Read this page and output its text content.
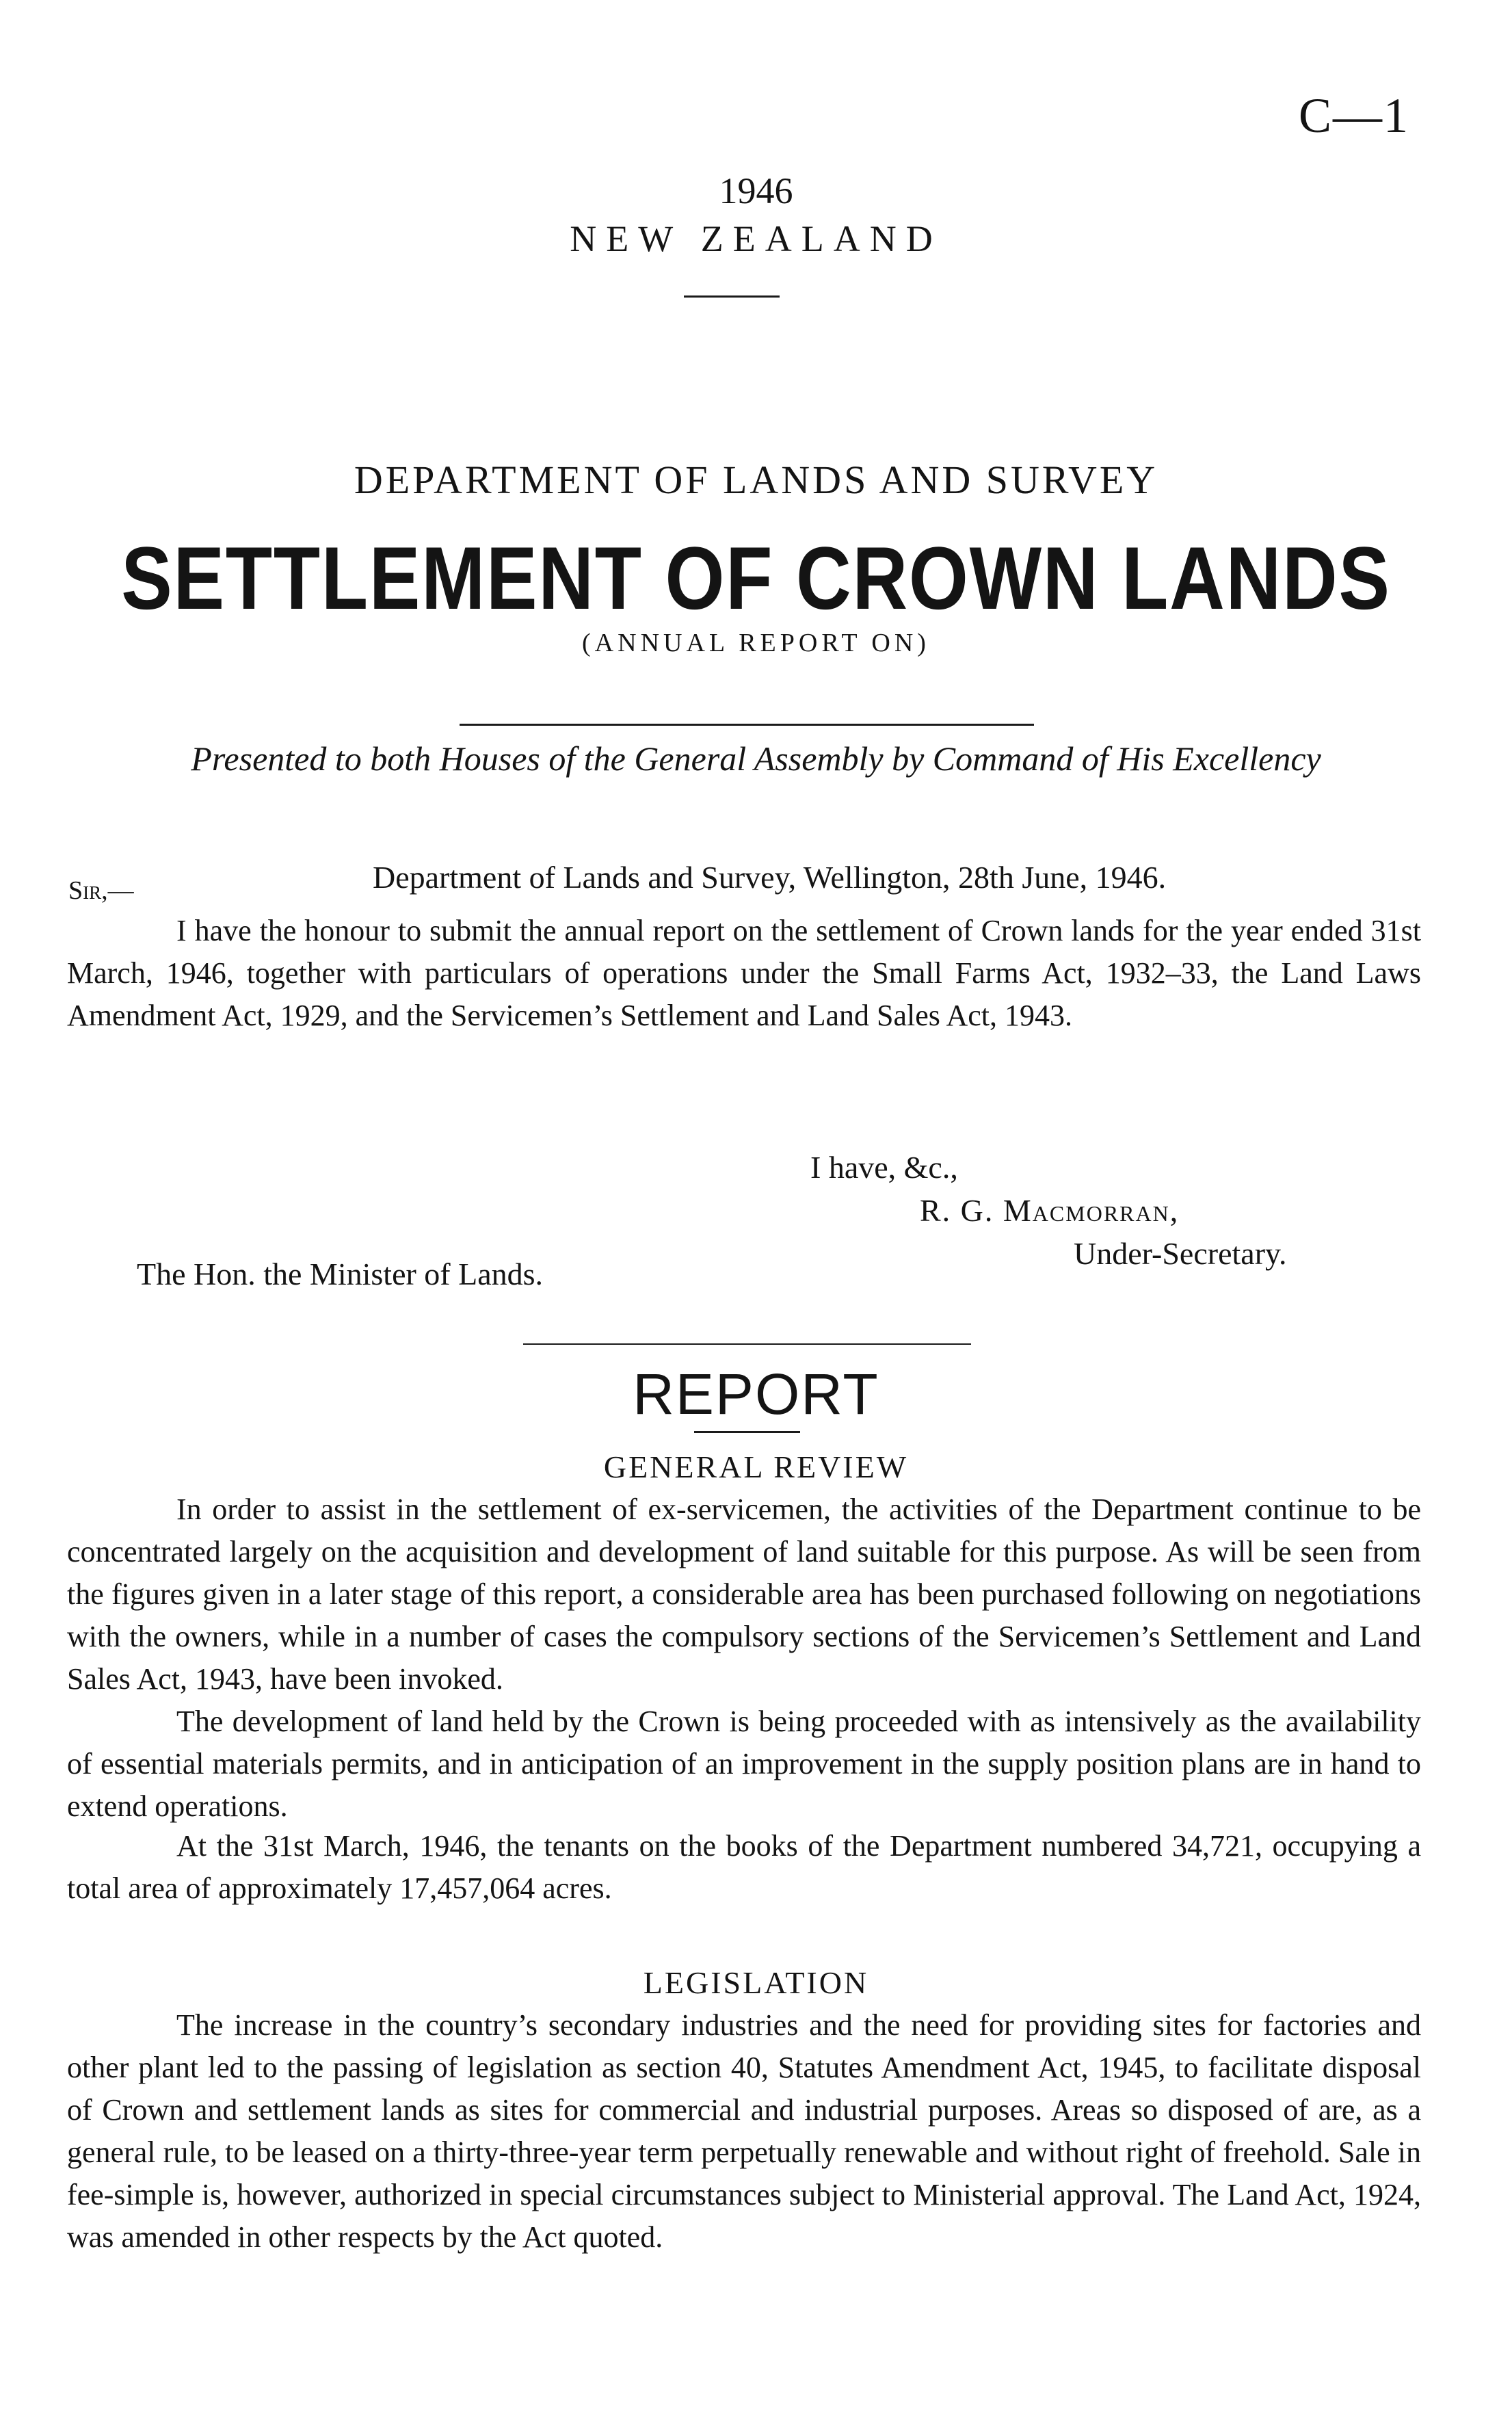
C—1
1946
NEW ZEALAND
DEPARTMENT OF LANDS AND SURVEY
SETTLEMENT OF CROWN LANDS
(ANNUAL REPORT ON)
Presented to both Houses of the General Assembly by Command of His Excellency
Department of Lands and Survey, Wellington, 28th June, 1946.
Sir,—

I have the honour to submit the annual report on the settlement of Crown lands for the year ended 31st March, 1946, together with particulars of operations under the Small Farms Act, 1932–33, the Land Laws Amendment Act, 1929, and the Servicemen’s Settlement and Land Sales Act, 1943.

I have, &c.,
R. G. Macmorran,
Under-Secretary.
The Hon. the Minister of Lands.
REPORT
GENERAL REVIEW

In order to assist in the settlement of ex-servicemen, the activities of the Department continue to be concentrated largely on the acquisition and development of land suitable for this purpose. As will be seen from the figures given in a later stage of this report, a considerable area has been purchased following on negotiations with the owners, while in a number of cases the compulsory sections of the Servicemen’s Settlement and Land Sales Act, 1943, have been invoked.

The development of land held by the Crown is being proceeded with as intensively as the availability of essential materials permits, and in anticipation of an improvement in the supply position plans are in hand to extend operations.

At the 31st March, 1946, the tenants on the books of the Department numbered 34,721, occupying a total area of approximately 17,457,064 acres.

LEGISLATION

The increase in the country’s secondary industries and the need for providing sites for factories and other plant led to the passing of legislation as section 40, Statutes Amendment Act, 1945, to facilitate disposal of Crown and settlement lands as sites for commercial and industrial purposes. Areas so disposed of are, as a general rule, to be leased on a thirty-three-year term perpetually renewable and without right of freehold. Sale in fee-simple is, however, authorized in special circumstances subject to Ministerial approval. The Land Act, 1924, was amended in other respects by the Act quoted.
